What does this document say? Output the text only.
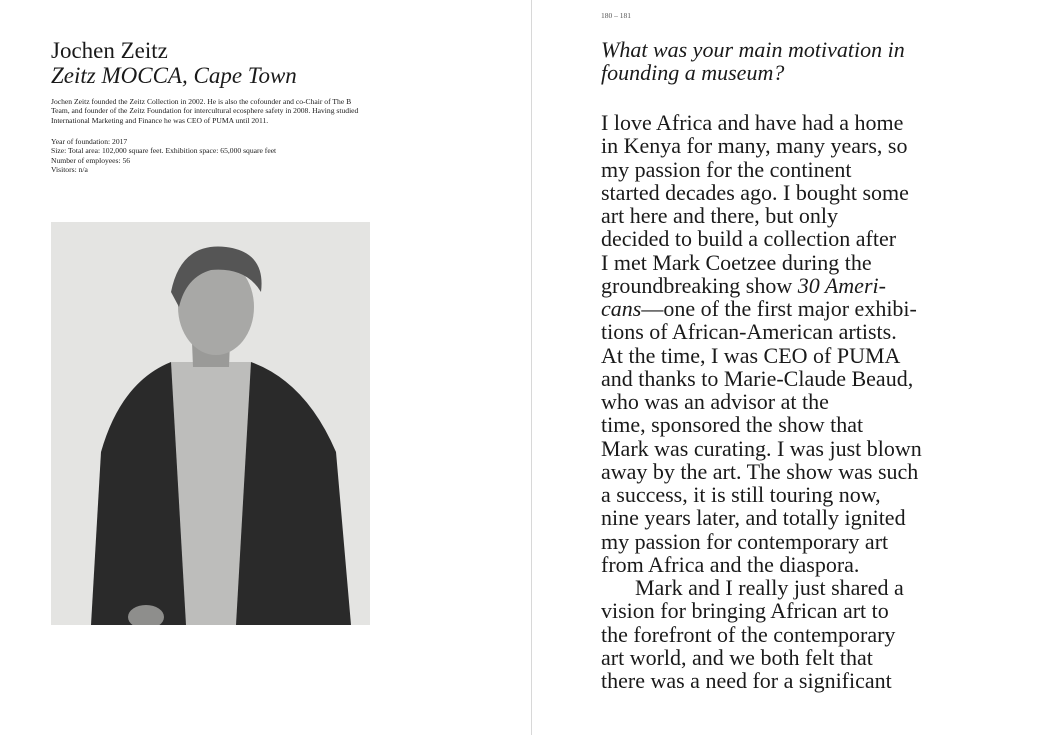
Jochen Zeitz
Zeitz MOCCA, Cape Town
Jochen Zeitz founded the Zeitz Collection in 2002. He is also the cofounder and co-Chair of The B Team, and founder of the Zeitz Foundation for intercultural ecosphere safety in 2008. Having studied International Marketing and Finance he was CEO of PUMA until 2011.
Year of foundation: 2017
Size: Total area: 102,000 square feet. Exhibition space: 65,000 square feet
Number of employees: 56
Visitors: n/a
180 – 181
What was your main motivation in
founding a museum?
I love Africa and have had a home
in Kenya for many, many years, so
my passion for the continent
started decades ago. I bought some
art here and there, but only
decided to build a collection after
I met Mark Coetzee during the
groundbreaking show 30 Ameri-
cans—one of the first major exhibi-
tions of African-American artists.
At the time, I was CEO of PUMA
and thanks to Marie-Claude Beaud,
who was an advisor at the
time, sponsored the show that
Mark was curating. I was just blown
away by the art. The show was such
a success, it is still touring now,
nine years later, and totally ignited
my passion for contemporary art
from Africa and the diaspora.
Mark and I really just shared a
vision for bringing African art to
the forefront of the contemporary
art world, and we both felt that
there was a need for a significant
